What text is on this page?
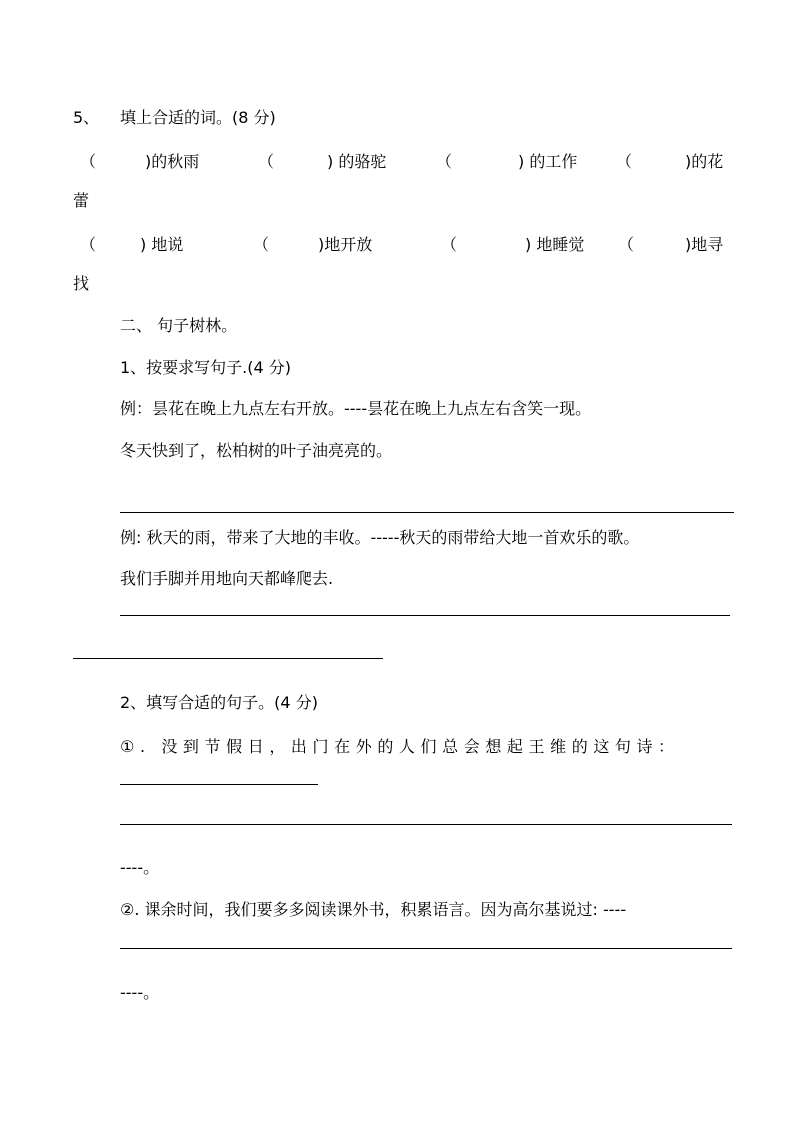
5、 填上合适的词。(8 分)
（	)的秋雨	（	) 的骆驼	（	) 的工作 （	)的花
蕾
（	) 地说	（	)地开放	（	) 地睡觉 （	)地寻
找
二、 句子树林。
1、按要求写句子.(4 分)
例：昙花在晚上九点左右开放。----昙花在晚上九点左右含笑一现。
冬天快到了，松柏树的叶子油亮亮的。
例: 秋天的雨，带来了大地的丰收。-----秋天的雨带给大地一首欢乐的歌。
我们手脚并用地向天都峰爬去.
2、填写合适的句子。(4 分)
①. 没到节假日，出门在外的人们总会想起王维的这句诗：
----。
②. 课余时间，我们要多多阅读课外书，积累语言。因为高尔基说过: ----
----。
